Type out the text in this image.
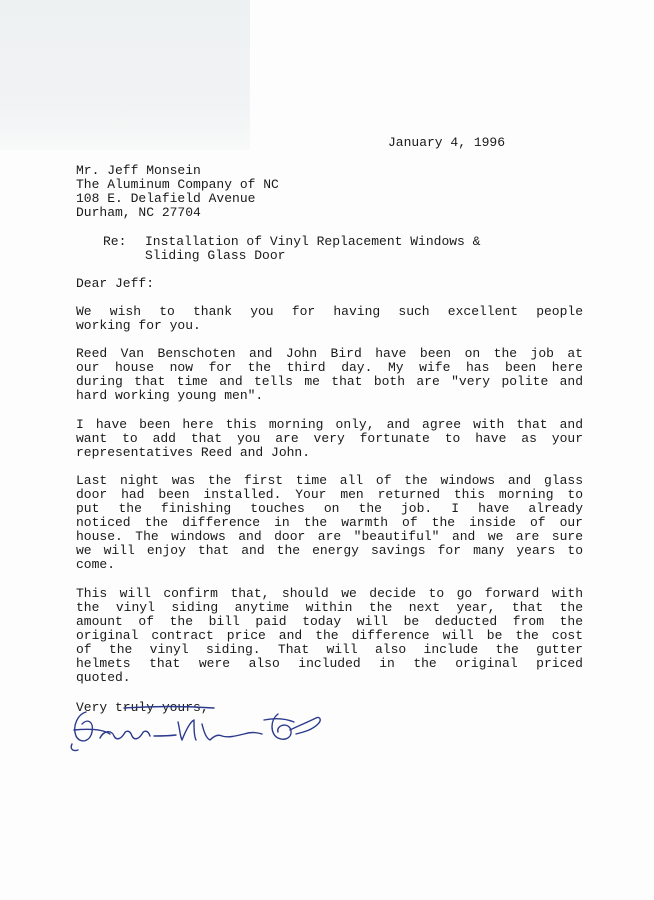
January 4, 1996
Mr. Jeff Monsein
The Aluminum Company of NC
108 E. Delafield Avenue
Durham, NC 27704
Re: Installation of Vinyl Replacement Windows &
Sliding Glass Door
Dear Jeff:
We wish to thank you for having such excellent people
working for you.
Reed Van Benschoten and John Bird have been on the job at
our house now for the third day. My wife has been here
during that time and tells me that both are "very polite and
hard working young men".
I have been here this morning only, and agree with that and
want to add that you are very fortunate to have as your
representatives Reed and John.
Last night was the first time all of the windows and glass
door had been installed. Your men returned this morning to
put the finishing touches on the job. I have already
noticed the difference in the warmth of the inside of our
house. The windows and door are "beautiful" and we are sure
we will enjoy that and the energy savings for many years to
come.
This will confirm that, should we decide to go forward with
the vinyl siding anytime within the next year, that the
amount of the bill paid today will be deducted from the
original contract price and the difference will be the cost
of the vinyl siding. That will also include the gutter
helmets that were also included in the original priced
quoted.
Very truly yours,
